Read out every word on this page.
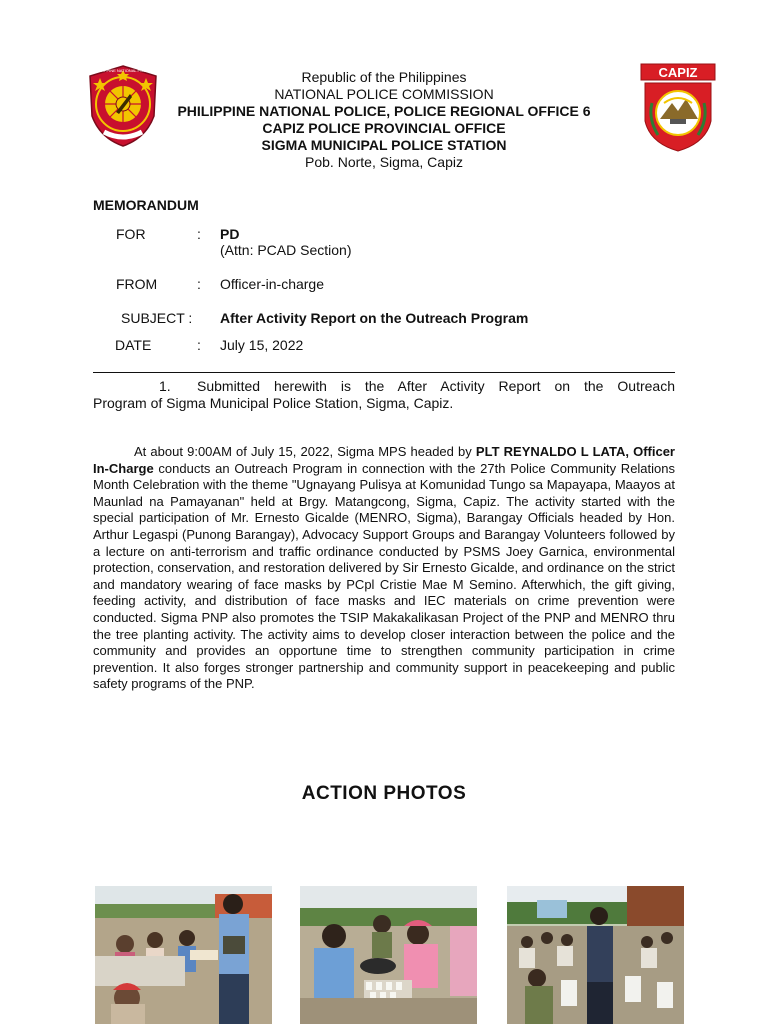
PHILIPPINE NATIONAL POLICE	CAPIZ
Republic of the Philippines
NATIONAL POLICE COMMISSION
PHILIPPINE NATIONAL POLICE, POLICE REGIONAL OFFICE 6
CAPIZ POLICE PROVINCIAL OFFICE
SIGMA MUNICIPAL POLICE STATION
Pob. Norte, Sigma, Capiz
MEMORANDUM
FOR	: PD
(Attn: PCAD Section)
FROM	: Officer-in-charge
SUBJECT : After Activity Report on the Outreach Program
DATE	: July 15, 2022
1.	Submitted herewith is the After Activity Report on the Outreach
Program of Sigma Municipal Police Station, Sigma, Capiz.
At about 9:00AM of July 15, 2022, Sigma MPS headed by PLT REYNALDO L LATA, Officer In-Charge conducts an Outreach Program in connection with the 27th Police Community Relations Month Celebration with the theme "Ugnayang Pulisya at Komunidad Tungo sa Mapayapa, Maayos at Maunlad na Pamayanan" held at Brgy. Matangcong, Sigma, Capiz. The activity started with the special participation of Mr. Ernesto Gicalde (MENRO, Sigma), Barangay Officials headed by Hon. Arthur Legaspi (Punong Barangay), Advocacy Support Groups and Barangay Volunteers followed by a lecture on anti-terrorism and traffic ordinance conducted by PSMS Joey Garnica, environmental protection, conservation, and restoration delivered by Sir Ernesto Gicalde, and ordinance on the strict and mandatory wearing of face masks by PCpl Cristie Mae M Semino. Afterwhich, the gift giving, feeding activity, and distribution of face masks and IEC materials on crime prevention were conducted. Sigma PNP also promotes the TSIP Makakalikasan Project of the PNP and MENRO thru the tree planting activity. The activity aims to develop closer interaction between the police and the community and provides an opportune time to strengthen community participation in crime prevention. It also forges stronger partnership and community support in peacekeeping and public safety programs of the PNP.
ACTION PHOTOS
